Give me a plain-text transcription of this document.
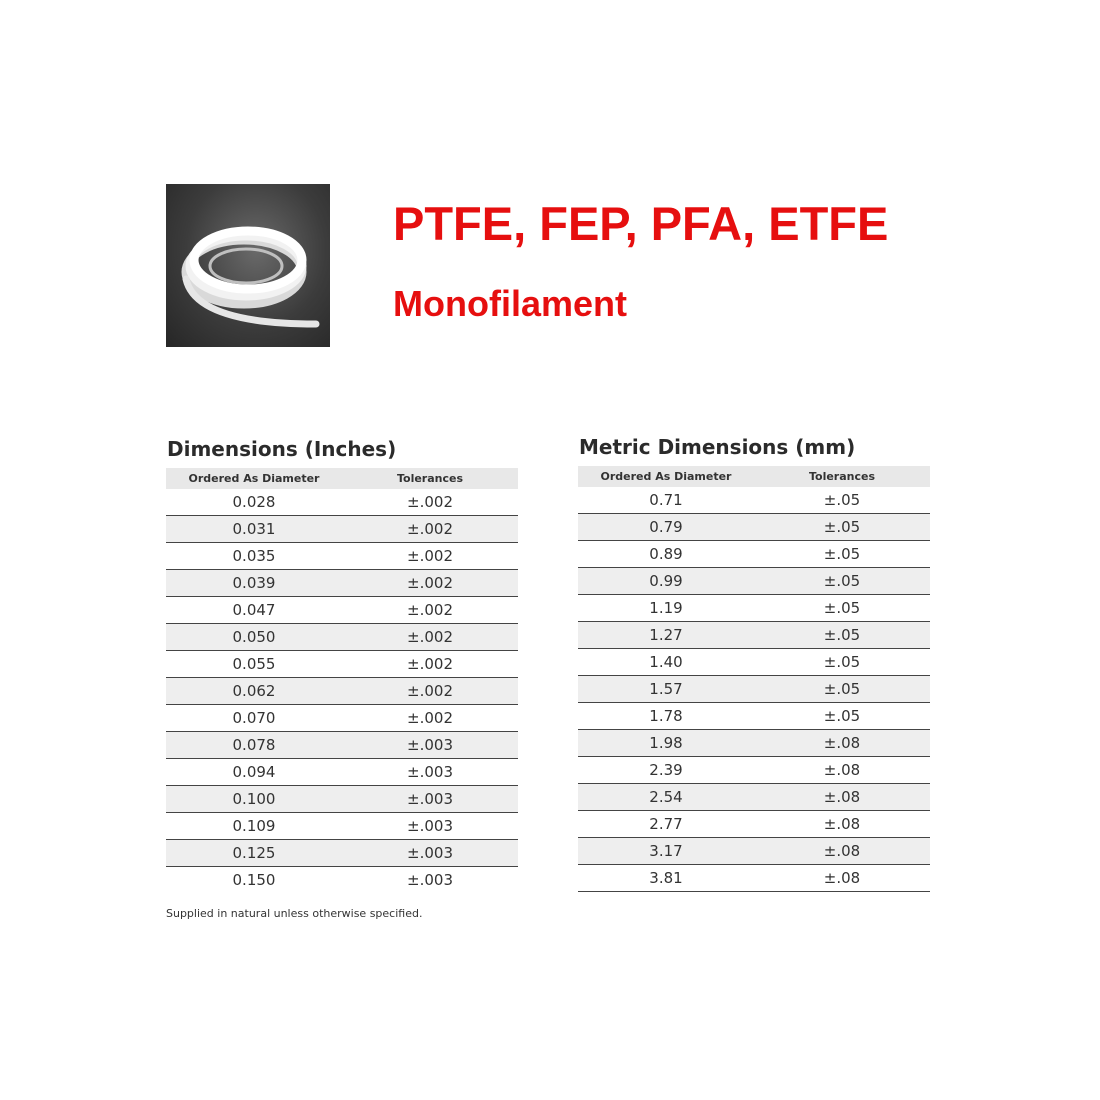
PTFE, FEP, PFA, ETFE
Monofilament
Dimensions (Inches)
Ordered As Diameter	Tolerances
0.028	±.002
0.031	±.002
0.035	±.002
0.039	±.002
0.047	±.002
0.050	±.002
0.055	±.002
0.062	±.002
0.070	±.002
0.078	±.003
0.094	±.003
0.100	±.003
0.109	±.003
0.125	±.003
0.150	±.003
Metric Dimensions (mm)
Ordered As Diameter	Tolerances
0.71	±.05
0.79	±.05
0.89	±.05
0.99	±.05
1.19	±.05
1.27	±.05
1.40	±.05
1.57	±.05
1.78	±.05
1.98	±.08
2.39	±.08
2.54	±.08
2.77	±.08
3.17	±.08
3.81	±.08

Supplied in natural unless otherwise specified.
